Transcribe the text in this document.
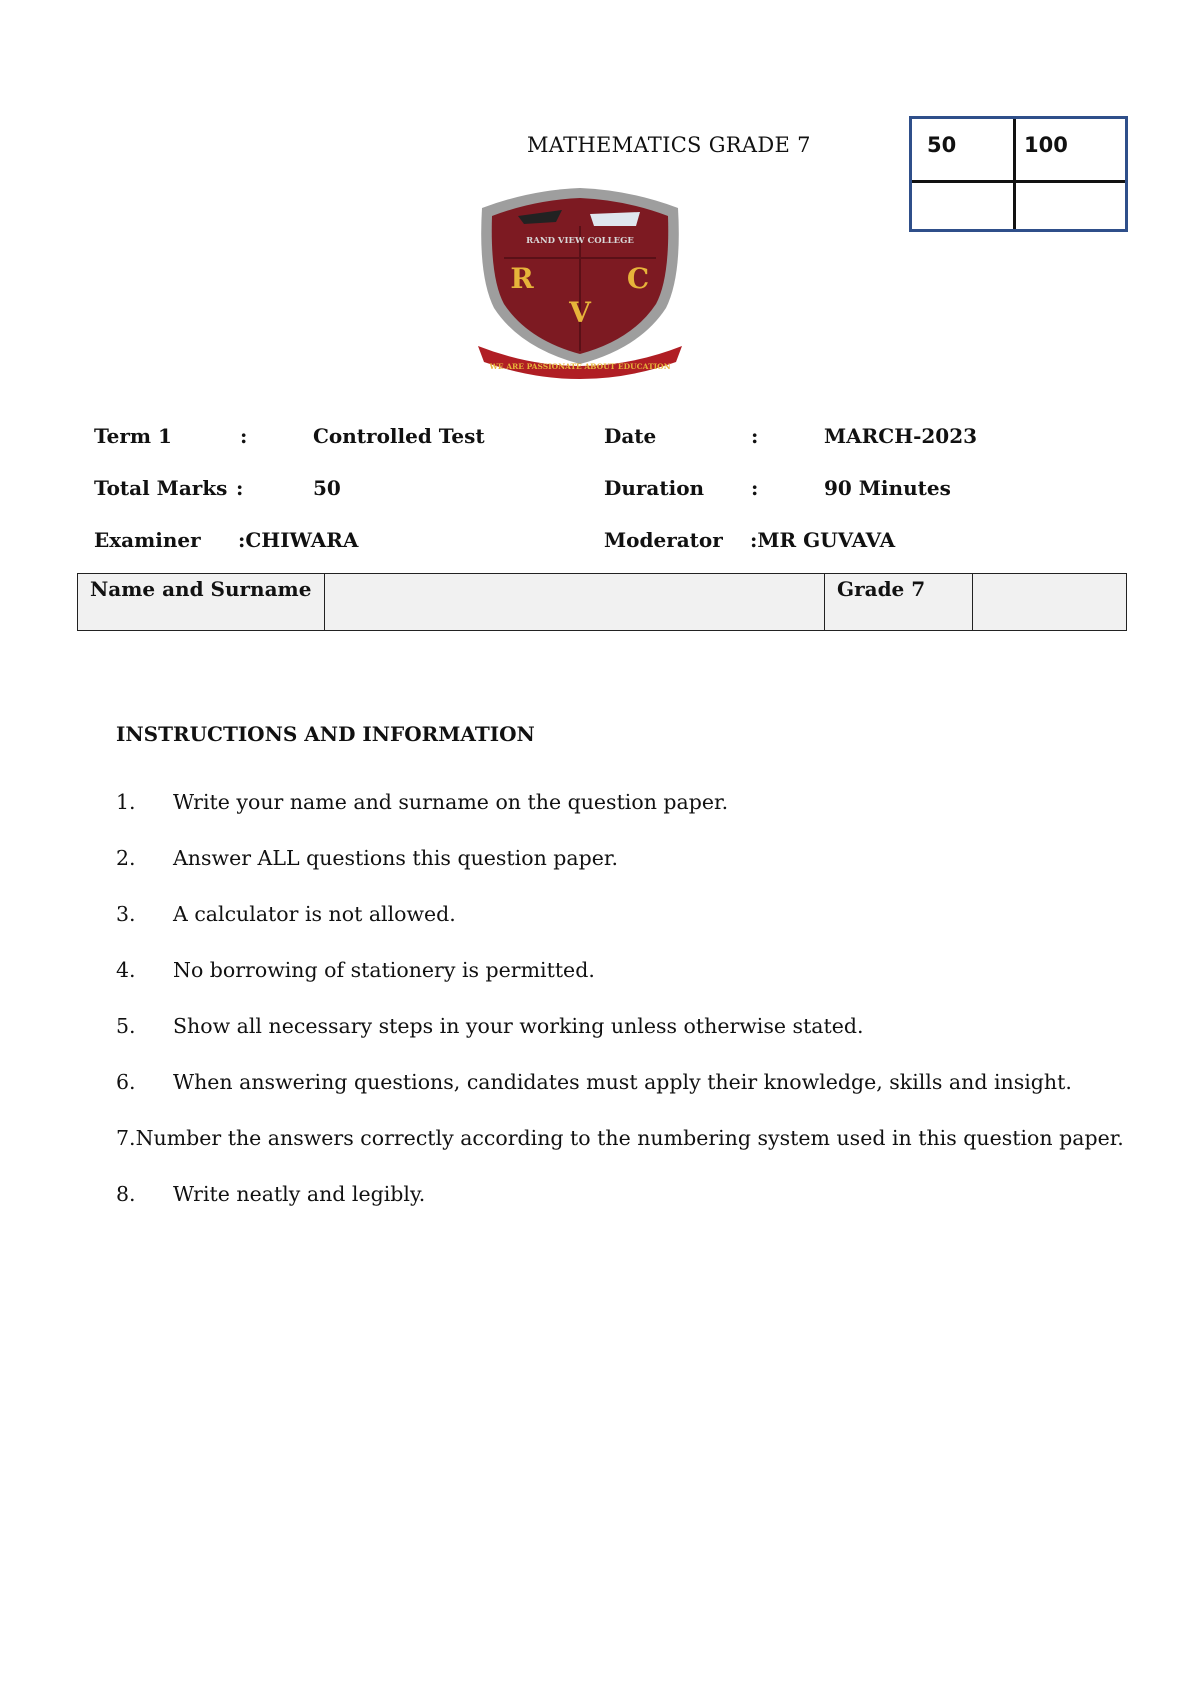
MATHEMATICS GRADE 7	50	100
RAND VIEW COLLEGE
R	C
V
WE ARE PASSIONATE ABOUT EDUCATION
Term 1	:	Controlled Test	Date	:	MARCH-2023
Total Marks :	50	Duration :	90 Minutes
Examiner :CHIWARA	Moderator :MR GUVAVA
Name and Surname	Grade 7
INSTRUCTIONS AND INFORMATION
1.	Write your name and surname on the question paper.
2.	Answer ALL questions this question paper.
3.	A calculator is not allowed.
4.	No borrowing of stationery is permitted.
5.	Show all necessary steps in your working unless otherwise stated.
6.	When answering questions, candidates must apply their knowledge, skills and insight.
7. Number the answers correctly according to the numbering system used in this question paper.
8.	Write neatly and legibly.
